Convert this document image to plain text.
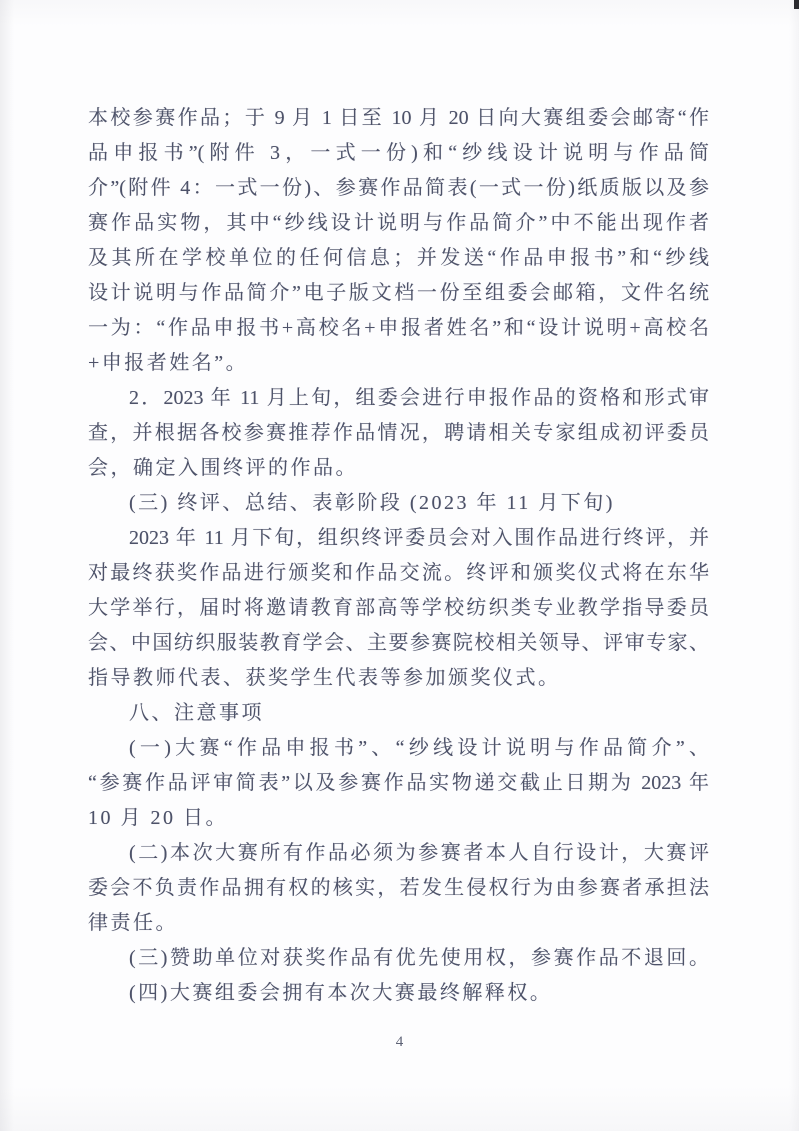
本校参赛作品；于 9 月 1 日至 10 月 20 日向大赛组委会邮寄“作
品申报书”(附件 3，一式一份)和“纱线设计说明与作品简
介”(附件 4：一式一份)、参赛作品简表(一式一份)纸质版以及参
赛作品实物，其中“纱线设计说明与作品简介”中不能出现作者
及其所在学校单位的任何信息；并发送“作品申报书”和“纱线
设计说明与作品简介”电子版文档一份至组委会邮箱，文件名统
一为：“作品申报书+高校名+申报者姓名”和“设计说明+高校名
+申报者姓名”。
2．2023 年 11 月上旬，组委会进行申报作品的资格和形式审
查，并根据各校参赛推荐作品情况，聘请相关专家组成初评委员
会，确定入围终评的作品。
(三) 终评、总结、表彰阶段 (2023 年 11 月下旬)
2023 年 11 月下旬，组织终评委员会对入围作品进行终评，并
对最终获奖作品进行颁奖和作品交流。终评和颁奖仪式将在东华
大学举行，届时将邀请教育部高等学校纺织类专业教学指导委员
会、中国纺织服装教育学会、主要参赛院校相关领导、评审专家、
指导教师代表、获奖学生代表等参加颁奖仪式。
八、注意事项
(一)大赛“作品申报书”、“纱线设计说明与作品简介”、
“参赛作品评审简表”以及参赛作品实物递交截止日期为 2023 年
10 月 20 日。
(二)本次大赛所有作品必须为参赛者本人自行设计，大赛评
委会不负责作品拥有权的核实，若发生侵权行为由参赛者承担法
律责任。
(三)赞助单位对获奖作品有优先使用权，参赛作品不退回。
(四)大赛组委会拥有本次大赛最终解释权。
4
